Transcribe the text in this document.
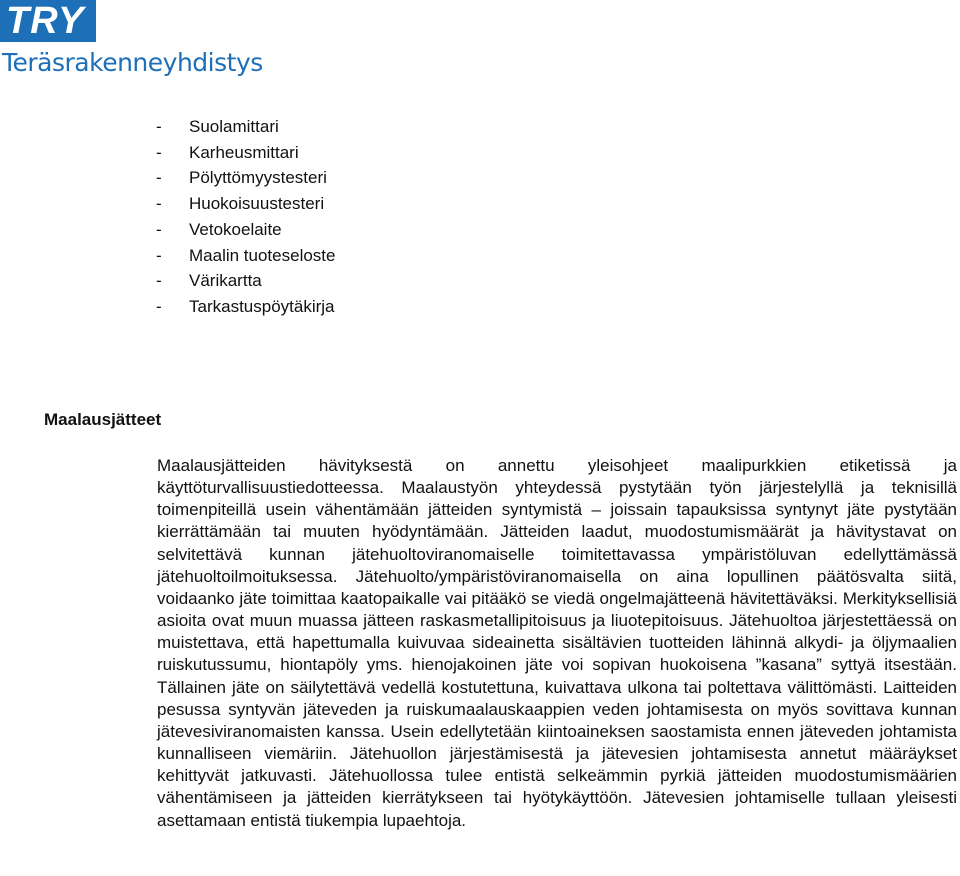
TRY
Teräsrakenneyhdistys
-	Suolamittari
-	Karheusmittari
-	Pölyttömyystesteri
-	Huokoisuustesteri
-	Vetokoelaite
-	Maalin tuoteseloste
-	Värikartta
-	Tarkastuspöytäkirja
Maalausjätteet

Maalausjätteiden hävityksestä on annettu yleisohjeet maalipurkkien etiketissä ja käyttöturvallisuustiedotteessa. Maalaustyön yhteydessä pystytään työn järjestelyllä ja teknisillä toimenpiteillä usein vähentämään jätteiden syntymistä – joissain tapauksissa syntynyt jäte pystytään kierrättämään tai muuten hyödyntämään. Jätteiden laadut, muodostumismäärät ja hävitystavat on selvitettävä kunnan jätehuoltoviranomaiselle toimitettavassa ympäristöluvan edellyttämässä jätehuoltoilmoituksessa. Jätehuolto/ympäristöviranomaisella on aina lopullinen päätösvalta siitä, voidaanko jäte toimittaa kaatopaikalle vai pitääkö se viedä ongelmajätteenä hävitettäväksi. Merkityksellisiä asioita ovat muun muassa jätteen raskasmetallipitoisuus ja liuotepitoisuus. Jätehuoltoa järjestettäessä on muistettava, että hapettumalla kuivuvaa sideainetta sisältävien tuotteiden lähinnä alkydi- ja öljymaalien ruiskutussumu, hiontapöly yms. hienojakoinen jäte voi sopivan huokoisena ”kasana” syttyä itsestään. Tällainen jäte on säilytettävä vedellä kostutettuna, kuivattava ulkona tai poltettava välittömästi. Laitteiden pesussa syntyvän jäteveden ja ruiskumaalauskaappien veden johtamisesta on myös sovittava kunnan jätevesiviranomaisten kanssa. Usein edellytetään kiintoaineksen saostamista ennen jäteveden johtamista kunnalliseen viemäriin. Jätehuollon järjestämisestä ja jätevesien johtamisesta annetut määräykset kehittyvät jatkuvasti. Jätehuollossa tulee entistä selkeämmin pyrkiä jätteiden muodostumismäärien vähentämiseen ja jätteiden kierrätykseen tai hyötykäyttöön. Jätevesien johtamiselle tullaan yleisesti asettamaan entistä tiukempia lupaehtoja.
